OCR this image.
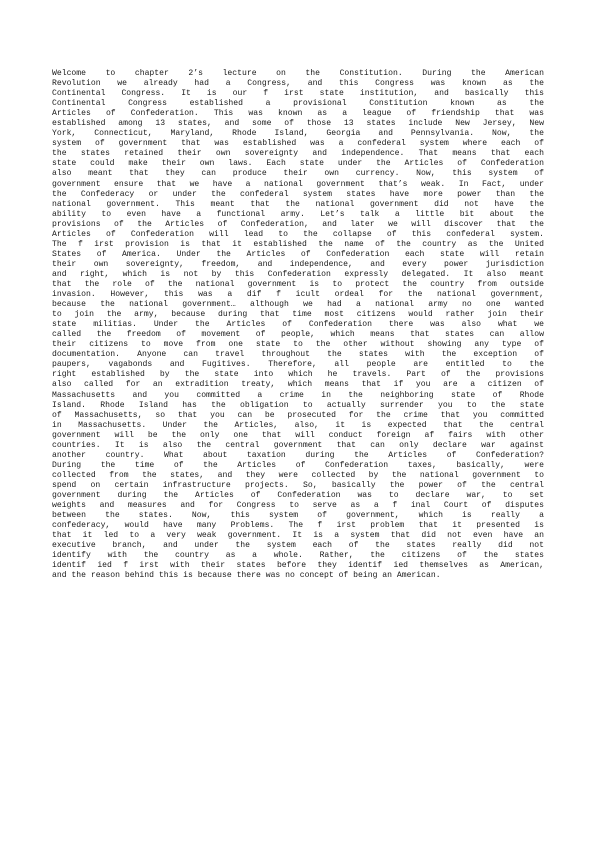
Welcome to chapter 2’s lecture on the Constitution. During the American
Revolution we already had a Congress, and this Congress was known as the
Continental Congress. It is our f irst state institution, and basically this
Continental Congress established a provisional Constitution known as the
Articles of Confederation. This was known as a league of friendship that was
established among 13 states, and some of those 13 states include New Jersey, New
York, Connecticut, Maryland, Rhode Island, Georgia and Pennsylvania. Now, the
system of government that was established was a confederal system where each of
the states retained their own sovereignty and independence. That means that each
state could make their own laws. Each state under the Articles of Confederation
also meant that they can produce their own currency. Now, this system of
government ensure that we have a national government that’s weak. In Fact, under
the Confederacy or under the confederal system states have more power than the
national government. This meant that the national government did not have the
ability to even have a functional army. Let’s talk a little bit about the
provisions of the Articles of Confederation, and later we will discover that the
Articles of Confederation will lead to the collapse of this confederal system.
The f irst provision is that it established the name of the country as the United
States of America. Under the Articles of Confederation each state will retain
their own sovereignty, freedom, and independence, and every power jurisdiction
and right, which is not by this Confederation expressly delegated. It also meant
that the role of the national government is to protect the country from outside
invasion. However, this was a dif f icult ordeal for the national government,
because the national government… although we had a national army no one wanted
to join the army, because during that time most citizens would rather join their
state militias. Under the Articles of Confederation there was also what we
called the freedom of movement of people, which means that states can allow
their citizens to move from one state to the other without showing any type of
documentation. Anyone can travel throughout the states with the exception of
paupers, vagabonds and Fugitives. Therefore, all people are entitled to the
right established by the state into which he travels. Part of the provisions
also called for an extradition treaty, which means that if you are a citizen of
Massachusetts and you committed a crime in the neighboring state of Rhode
Island. Rhode Island has the obligation to actually surrender you to the state
of Massachusetts, so that you can be prosecuted for the crime that you committed
in Massachusetts. Under the Articles, also, it is expected that the central
government will be the only one that will conduct foreign af fairs with other
countries. It is also the central government that can only declare war against
another country. What about taxation during the Articles of Confederation?
During the time of the Articles of Confederation taxes, basically, were
collected from the states, and they were collected by the national government to
spend on certain infrastructure projects. So, basically the power of the central
government during the Articles of Confederation was to declare war, to set
weights and measures and for Congress to serve as a f inal Court of disputes
between the states. Now, this system of government, which is really a
confederacy, would have many Problems. The f irst problem that it presented is
that it led to a very weak government. It is a system that did not even have an
executive branch, and under the system each of the states really did not
identify with the country as a whole. Rather, the citizens of the states
identif ied f irst with their states before they identif ied themselves as American,
and the reason behind this is because there was no concept of being an American.
